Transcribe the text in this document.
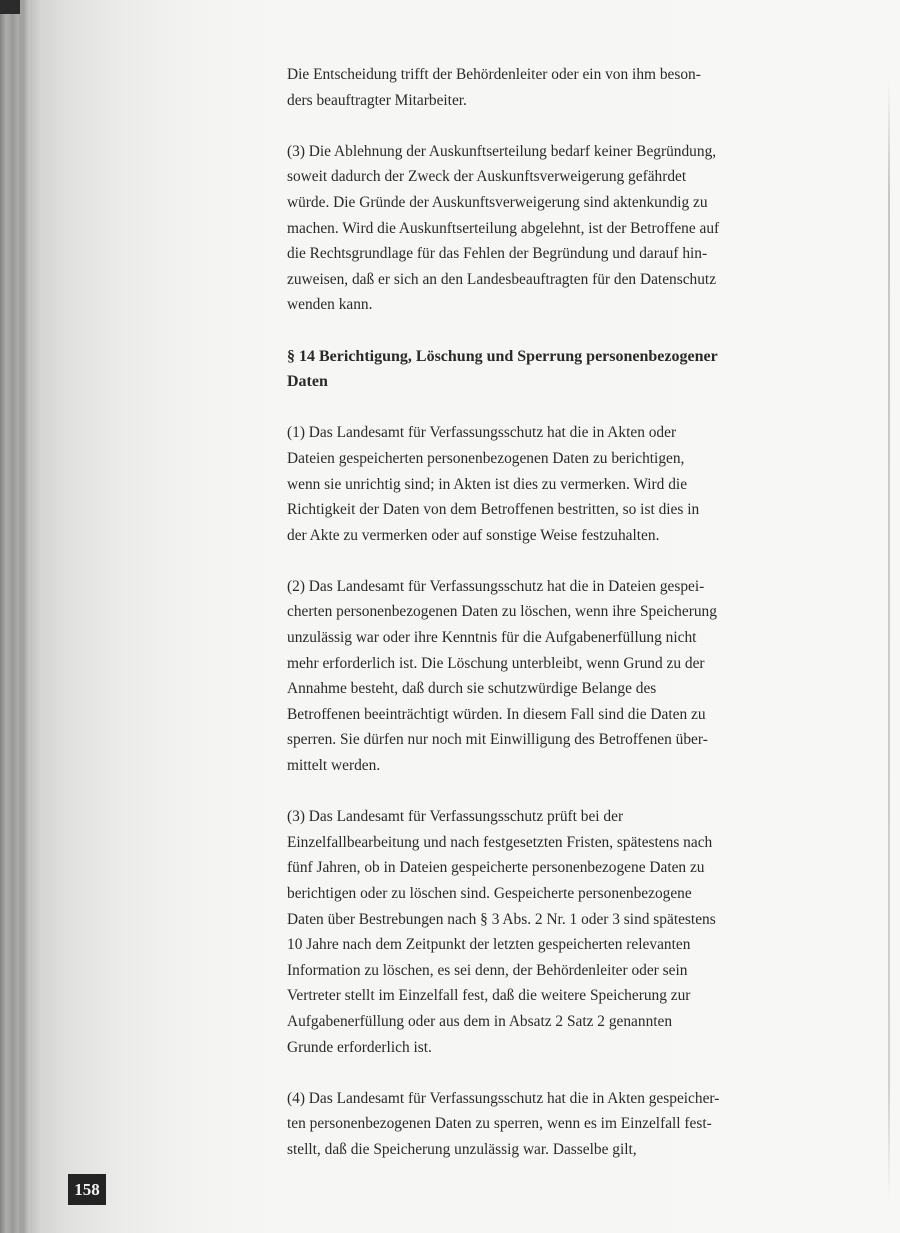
Die Entscheidung trifft der Behördenleiter oder ein von ihm beson-
ders beauftragter Mitarbeiter.

(3) Die Ablehnung der Auskunftserteilung bedarf keiner Begründung,
soweit dadurch der Zweck der Auskunftsverweigerung gefährdet
würde. Die Gründe der Auskunftsverweigerung sind aktenkundig zu
machen. Wird die Auskunftserteilung abgelehnt, ist der Betroffene auf
die Rechtsgrundlage für das Fehlen der Begründung und darauf hin-
zuweisen, daß er sich an den Landesbeauftragten für den Datenschutz
wenden kann.

§ 14 Berichtigung, Löschung und Sperrung personenbezogener
Daten

(1) Das Landesamt für Verfassungsschutz hat die in Akten oder
Dateien gespeicherten personenbezogenen Daten zu berichtigen,
wenn sie unrichtig sind; in Akten ist dies zu vermerken. Wird die
Richtigkeit der Daten von dem Betroffenen bestritten, so ist dies in
der Akte zu vermerken oder auf sonstige Weise festzuhalten.

(2) Das Landesamt für Verfassungsschutz hat die in Dateien gespei-
cherten personenbezogenen Daten zu löschen, wenn ihre Speicherung
unzulässig war oder ihre Kenntnis für die Aufgabenerfüllung nicht
mehr erforderlich ist. Die Löschung unterbleibt, wenn Grund zu der
Annahme besteht, daß durch sie schutzwürdige Belange des
Betroffenen beeinträchtigt würden. In diesem Fall sind die Daten zu
sperren. Sie dürfen nur noch mit Einwilligung des Betroffenen über-
mittelt werden.

(3) Das Landesamt für Verfassungsschutz prüft bei der
Einzelfallbearbeitung und nach festgesetzten Fristen, spätestens nach
fünf Jahren, ob in Dateien gespeicherte personenbezogene Daten zu
berichtigen oder zu löschen sind. Gespeicherte personenbezogene
Daten über Bestrebungen nach § 3 Abs. 2 Nr. 1 oder 3 sind spätestens
10 Jahre nach dem Zeitpunkt der letzten gespeicherten relevanten
Information zu löschen, es sei denn, der Behördenleiter oder sein
Vertreter stellt im Einzelfall fest, daß die weitere Speicherung zur
Aufgabenerfüllung oder aus dem in Absatz 2 Satz 2 genannten
Grunde erforderlich ist.

(4) Das Landesamt für Verfassungsschutz hat die in Akten gespeicher-
ten personenbezogenen Daten zu sperren, wenn es im Einzelfall fest-
stellt, daß die Speicherung unzulässig war. Dasselbe gilt,

158
